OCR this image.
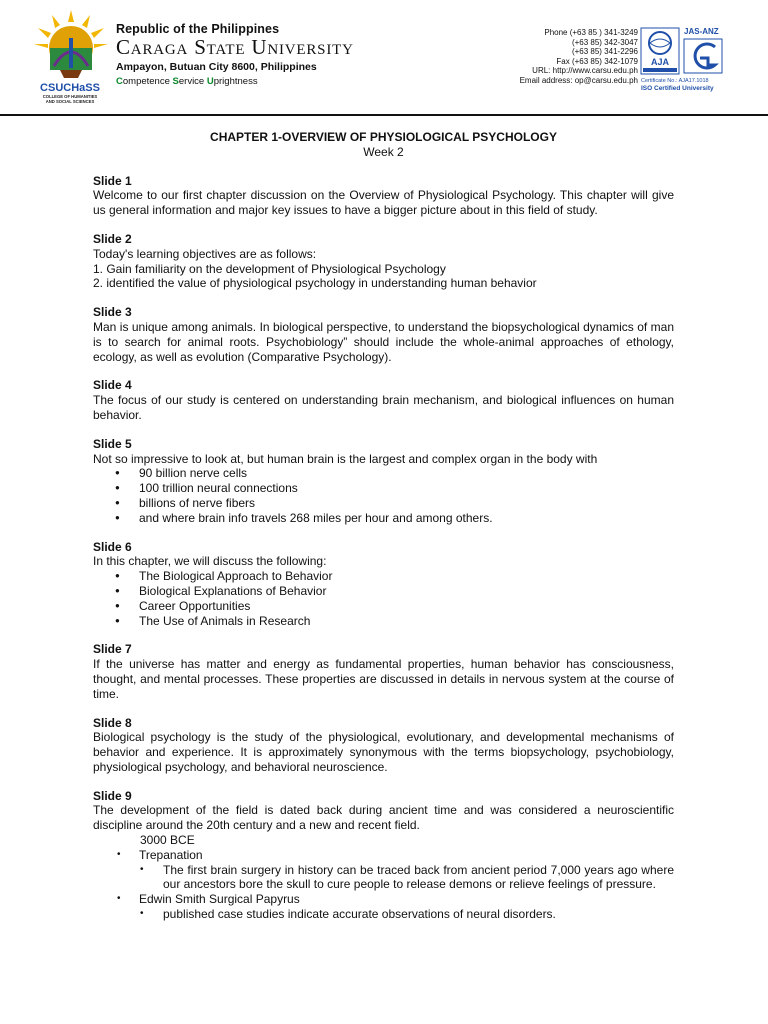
CSUCHaSS
COLLEGE OF HUMANITIES
AND SOCIAL SCIENCES
Republic of the Philippines
Caraga State University
Ampayon, Butuan City 8600, Philippines
Competence Service Uprightness
Phone (+63 85 ) 341-3249
(+63 85) 342-3047
(+63 85) 341-2296
Fax (+63 85) 342-1079
URL: http://www.carsu.edu.ph
Email address: op@carsu.edu.ph
AJA
JAS-ANZ
Certificate No.: AJA17.1018
ISO Certified University
CHAPTER 1-OVERVIEW OF PHYSIOLOGICAL PSYCHOLOGY
Week 2
Slide 1
Welcome to our first chapter discussion on the Overview of Physiological Psychology. This chapter will give us general information and major key issues to have a bigger picture about in this field of study.
Slide 2
Today's learning objectives are as follows:
1. Gain familiarity on the development of Physiological Psychology
2. identified the value of physiological psychology in understanding human behavior
Slide 3
Man is unique among animals. In biological perspective, to understand the biopsychological dynamics of man is to search for animal roots. Psychobiology” should include the whole-animal approaches of ethology, ecology, as well as evolution (Comparative Psychology).
Slide 4
The focus of our study is centered on understanding brain mechanism, and biological influences on human behavior.
Slide 5
Not so impressive to look at, but human brain is the largest and complex organ in the body with
● 90 billion nerve cells
● 100 trillion neural connections
● billions of nerve fibers
● and where brain info travels 268 miles per hour and among others.
Slide 6
In this chapter, we will discuss the following:
● The Biological Approach to Behavior
● Biological Explanations of Behavior
● Career Opportunities
● The Use of Animals in Research
Slide 7
If the universe has matter and energy as fundamental properties, human behavior has consciousness, thought, and mental processes. These properties are discussed in details in nervous system at the course of time.
Slide 8
Biological psychology is the study of the physiological, evolutionary, and developmental mechanisms of behavior and experience. It is approximately synonymous with the terms biopsychology, psychobiology, physiological psychology, and behavioral neuroscience.
Slide 9
The development of the field is dated back during ancient time and was considered a neuroscientific discipline around the 20th century and a new and recent field.
3000 BCE
• Trepanation
• The first brain surgery in history can be traced back from ancient period 7,000 years ago where our ancestors bore the skull to cure people to release demons or relieve feelings of pressure.
• Edwin Smith Surgical Papyrus
• published case studies indicate accurate observations of neural disorders.
